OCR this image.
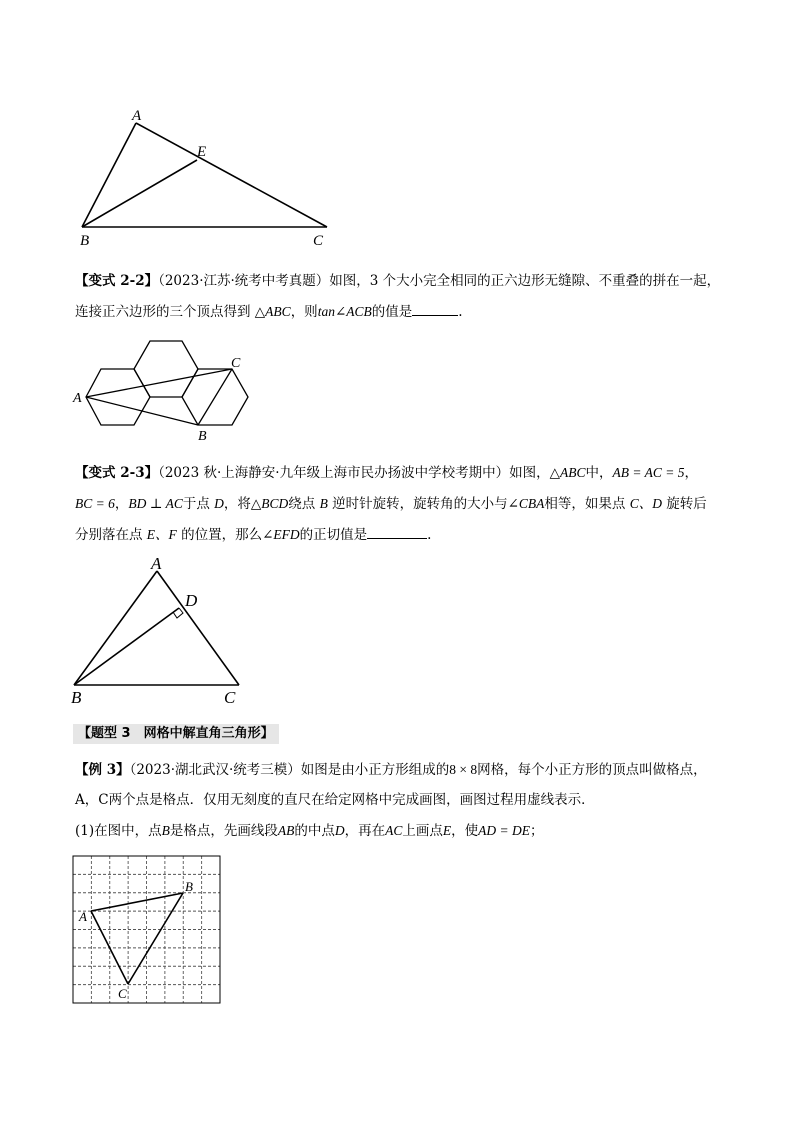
A
E
B	C
【变式 2-2】（2023·江苏·统考中考真题）如图，3 个大小完全相同的正六边形无缝隙、不重叠的拼在一起，
连接正六边形的三个顶点得到 △ABC，则tan∠ACB的值是	.
A
C
B
【变式 2-3】（2023 秋·上海静安·九年级上海市民办扬波中学校考期中）如图，△ABC中，AB = AC = 5，
BC = 6，BD ⊥ AC于点 D，将△BCD绕点 B 逆时针旋转，旋转角的大小与∠CBA相等，如果点 C、D 旋转后
分别落在点 E、F 的位置，那么∠EFD的正切值是	.
A
D
B	C
【题型 3　网格中解直角三角形】
【例 3】（2023·湖北武汉·统考三模）如图是由小正方形组成的8 × 8网格，每个小正方形的顶点叫做格点，
A，C两个点是格点．仅用无刻度的直尺在给定网格中完成画图，画图过程用虚线表示．
(1)在图中，点B是格点，先画线段AB的中点D，再在AC上画点E，使AD = DE；
A
B
C
